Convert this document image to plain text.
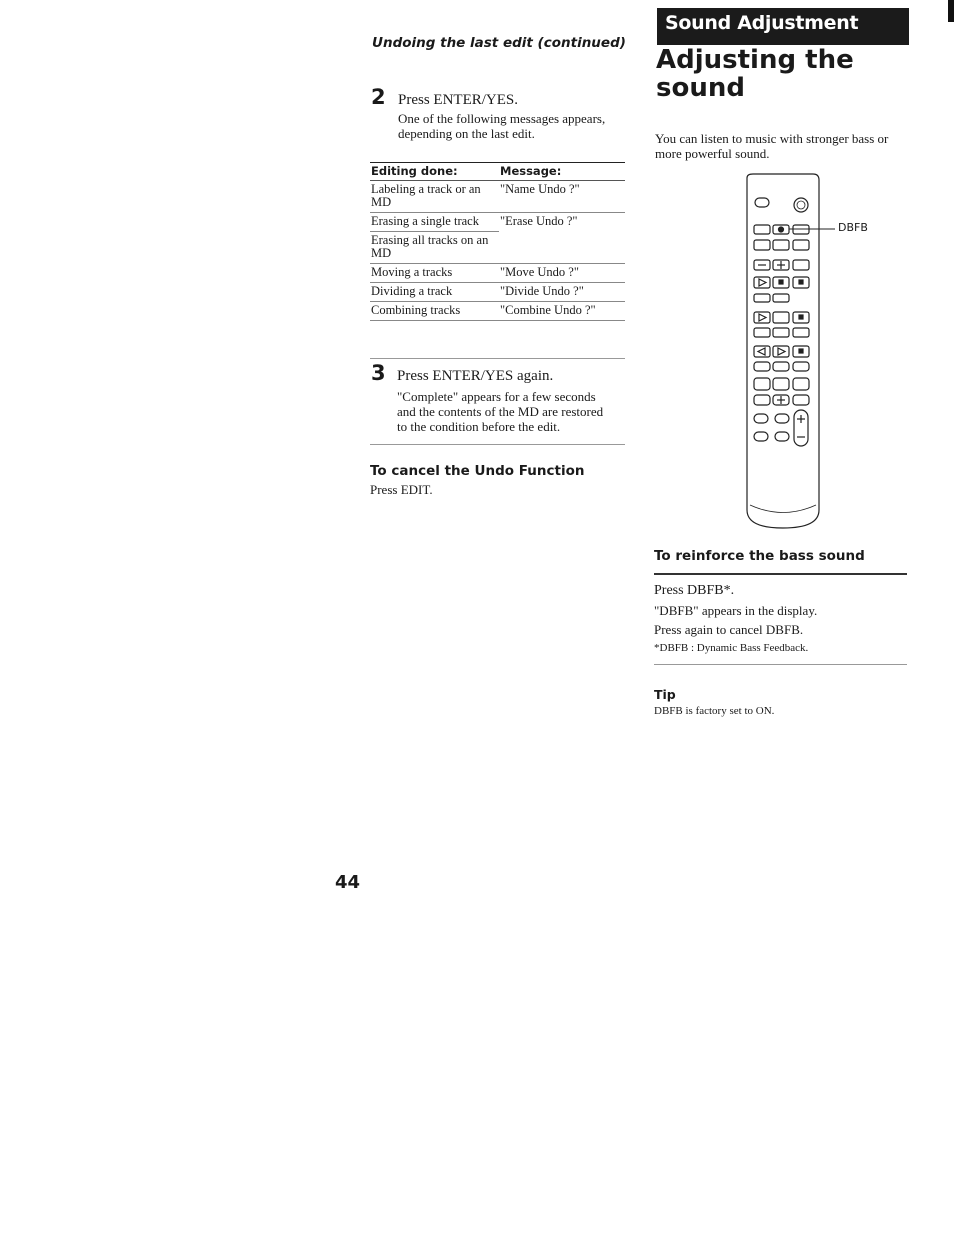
Undoing the last edit (continued)
2 Press ENTER/YES.
One of the following messages appears,
depending on the last edit.
Editing done:	Message:
Labeling a track or an MD	"Name Undo ?"
Erasing a single track	"Erase Undo ?"
Erasing all tracks on an MD	
Moving a tracks	"Move Undo ?"
Dividing a track	"Divide Undo ?"
Combining tracks	"Combine Undo ?"
3 Press ENTER/YES again.
"Complete" appears for a few seconds
and the contents of the MD are restored
to the condition before the edit.
To cancel the Undo Function
Press EDIT.
44
Sound Adjustment
Adjusting the
sound
You can listen to music with stronger bass or
more powerful sound.
DBFB
To reinforce the bass sound
Press DBFB*.
"DBFB" appears in the display.
Press again to cancel DBFB.
*DBFB : Dynamic Bass Feedback.
Tip
DBFB is factory set to ON.
